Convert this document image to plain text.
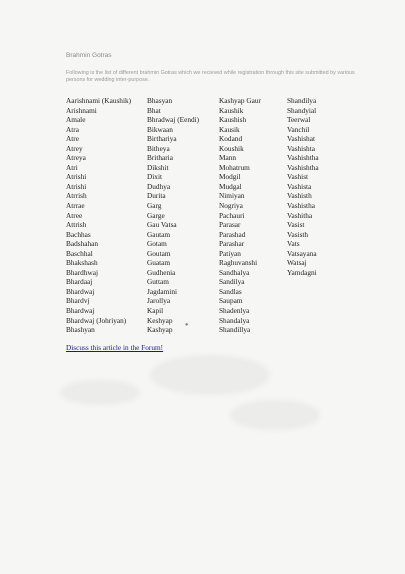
Brahmin Gotras
Following is the list of different brahmin Gotras which we recieved while registration through this site submitted by various persons for wedding inter-purpose.
Aarishnami (Kaushik)
Arishnami
Amale
Atra
Atre
Atrey
Atreya
Atri
Atrishi
Atrishi
Atrrish
Atrrae
Atree
Attrish
Bachhas
Badshahan
Baschhal
Bhakshash
Bhardhwaj
Bhardaaj
Bhardwaj
Bhardvj
Bhardwaj
Bhardwaj (Johriyan)
Bhashyan
Bhasyan
Bhat
Bhradwaj (Eendi)
Bikwaan
Birthariya
Bitheya
Britharia
Dikshit
Dixit
Dudhya
Durita
Garg
Garge
Gau Vatsa
Gautam
Gotam
Goutam
Guatam
Gudhenia
Guttam
Jagdamini
Jarollya
Kapil
Keshyap
Kashyap
Kashyap Gaur
Kaushik
Kaushish
Kausik
Kodand
Koushik
Mann
Mohatrum
Modgil
Mudgal
Nimiyan
Nogriya
Pachauri
Parasar
Parashad
Parashar
Patiyan
Raghuvanshi
Sandhalya
Sandilya
Sandlas
Saupam
Shadenlya
Shandalya
Shandillya
Shandilya
Shandyial
Teerwal
Vanchil
Vashishat
Vashishta
Vashishtha
Vashishtha
Vashist
Vashista
Vashisth
Vashistha
Vashitha
Vasist
Vasisth
Vats
Vatsayana
Watsaj
Yamdagni
*
Discuss this article in the Forum!
